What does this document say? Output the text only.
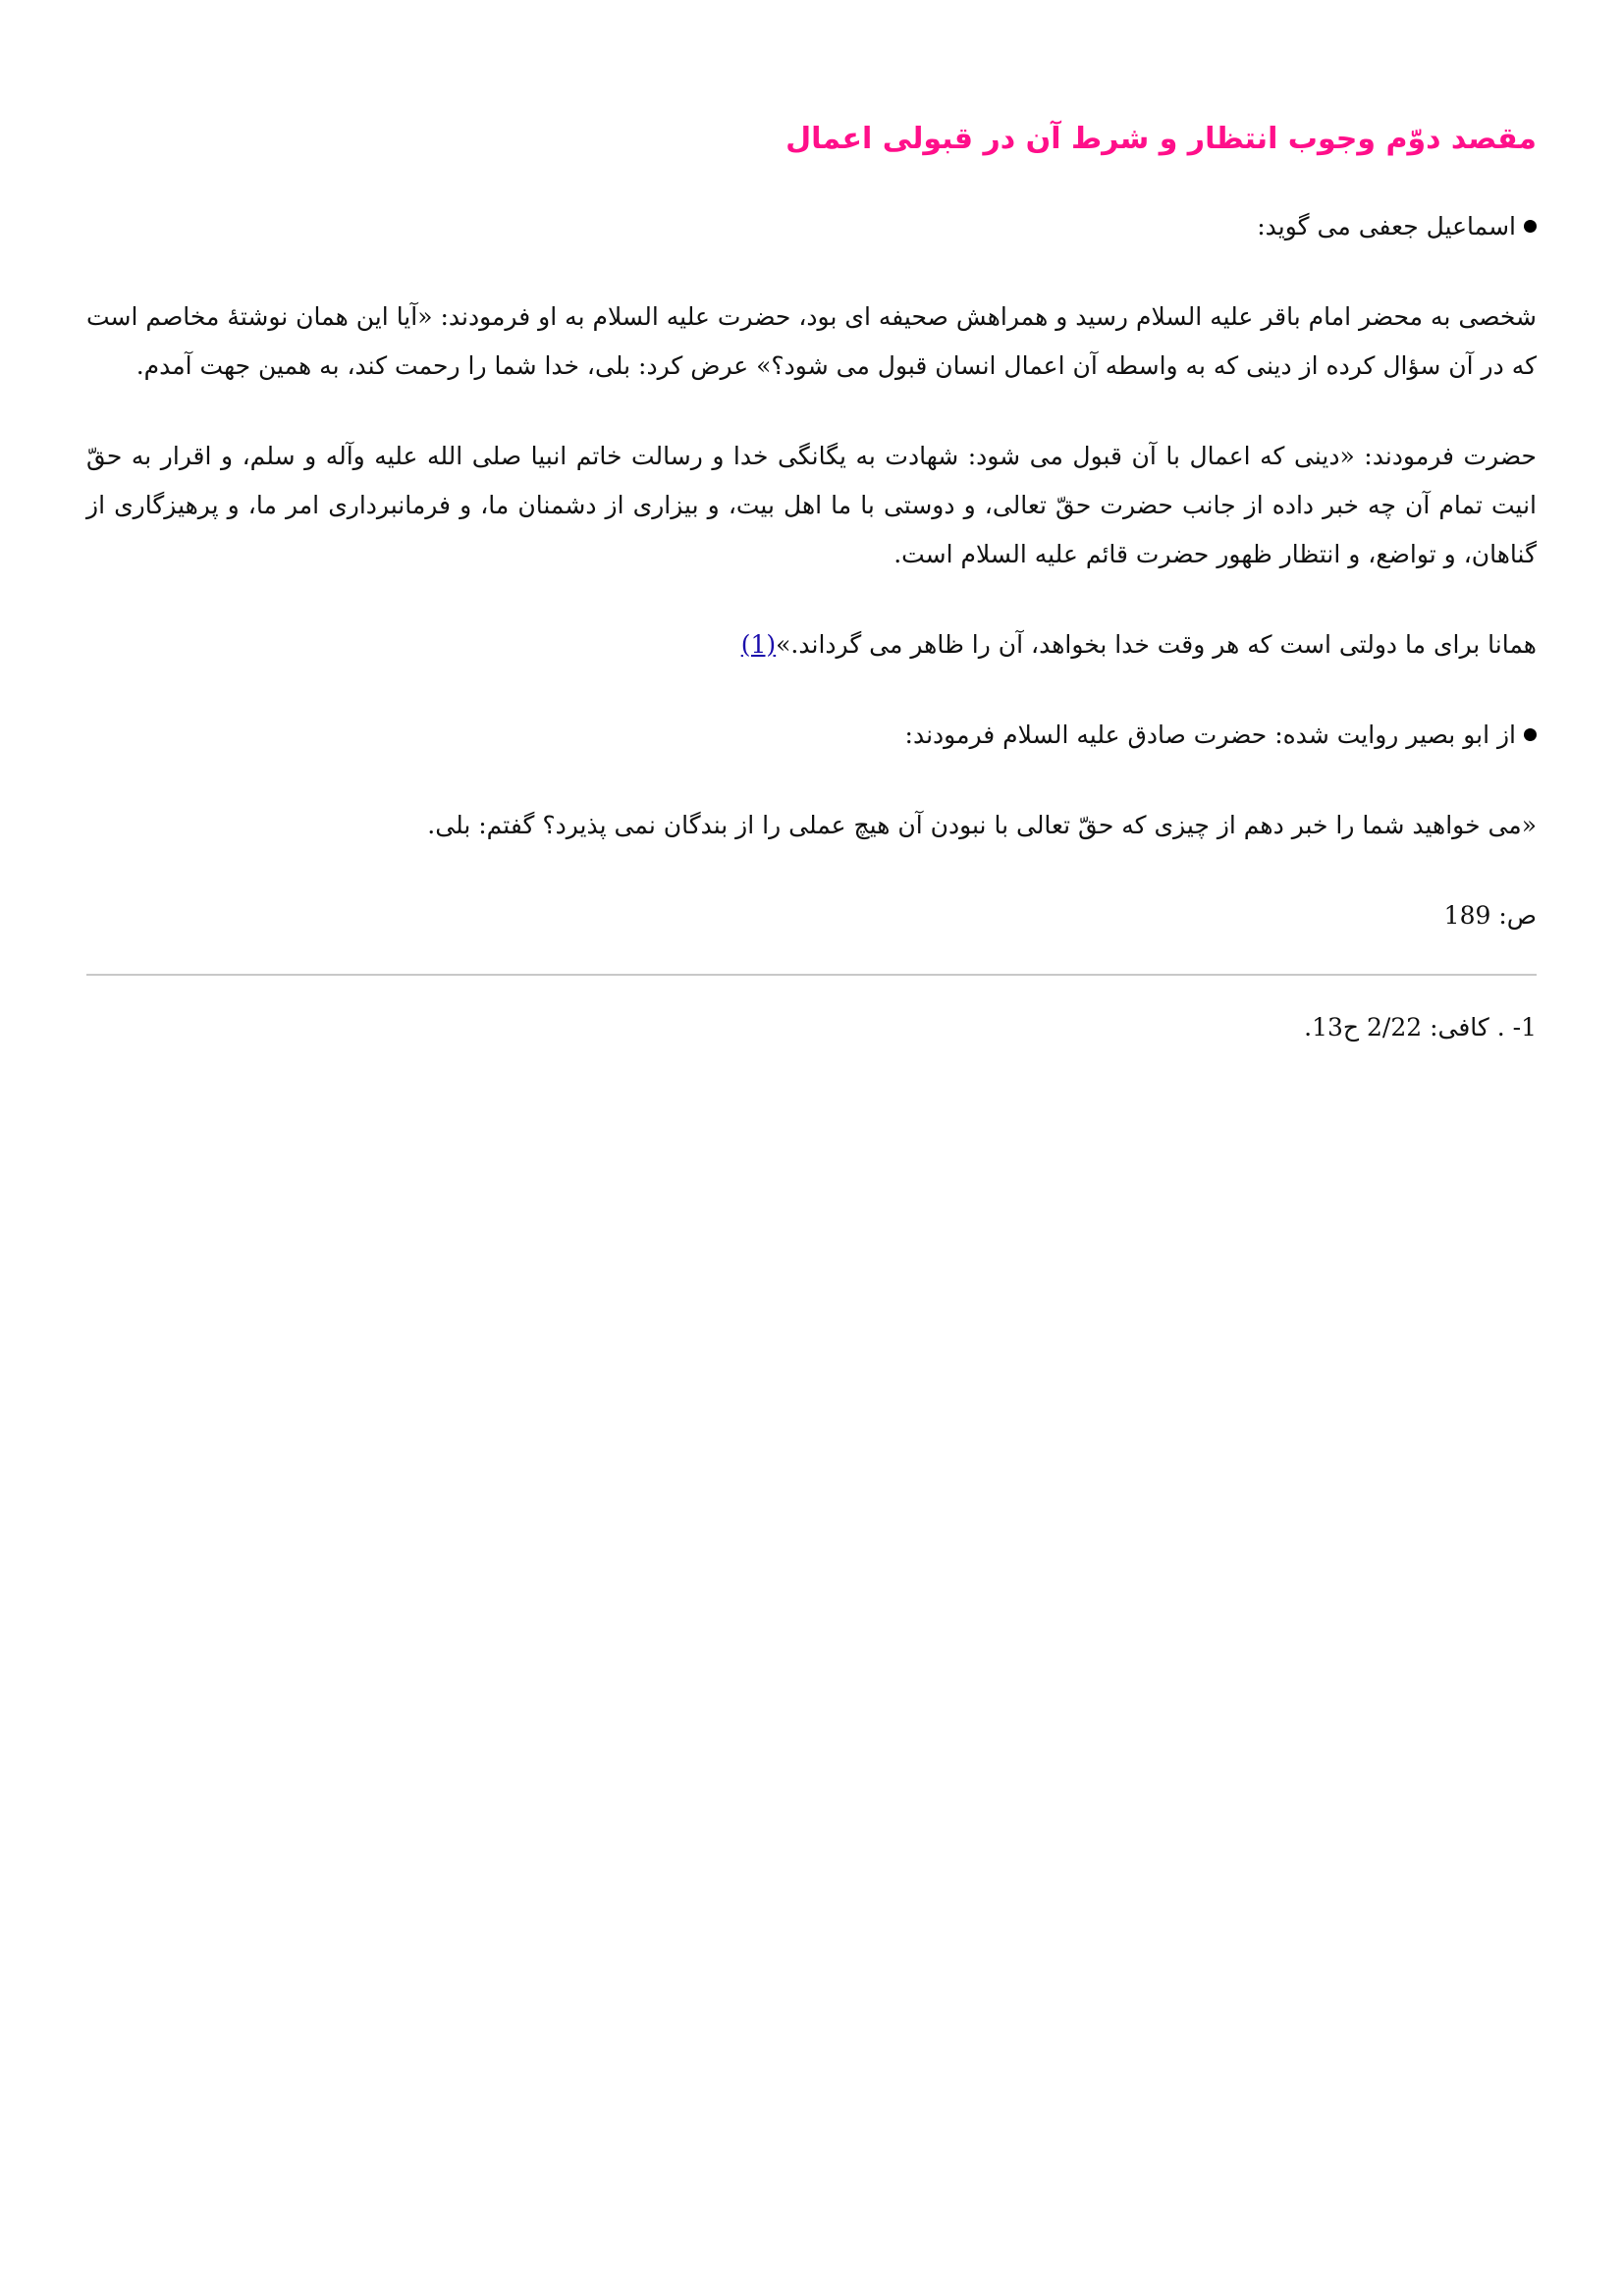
مقصد دوّم وجوب انتظار و شرط آن در قبولی اعمال

اسماعیل جعفی می گوید:

شخصی به محضر امام باقر علیه السلام رسید و همراهش صحیفه ای بود، حضرت علیه السلام به او فرمودند: «آیا این همان نوشتهٔ مخاصم است که در آن سؤال کرده از دینی که به واسطه آن اعمال انسان قبول می شود؟» عرض کرد: بلی، خدا شما را رحمت کند، به همین جهت آمدم.

حضرت فرمودند: «دینی که اعمال با آن قبول می شود: شهادت به یگانگی خدا و رسالت خاتم انبیا صلی الله علیه وآله و سلم، و اقرار به حقّ انیت تمام آن چه خبر داده از جانب حضرت حقّ تعالی، و دوستی با ما اهل بیت، و بیزاری از دشمنان ما، و فرمانبرداری امر ما، و پرهیزگاری از گناهان، و تواضع، و انتظار ظهور حضرت قائم علیه السلام است.

همانا برای ما دولتی است که هر وقت خدا بخواهد، آن را ظاهر می گرداند.»(1)

از ابو بصیر روایت شده: حضرت صادق علیه السلام فرمودند:

«می خواهید شما را خبر دهم از چیزی که حقّ تعالی با نبودن آن هیچ عملی را از بندگان نمی پذیرد؟ گفتم: بلی.

ص: 189

1- . کافی: 2/22 ح13.
